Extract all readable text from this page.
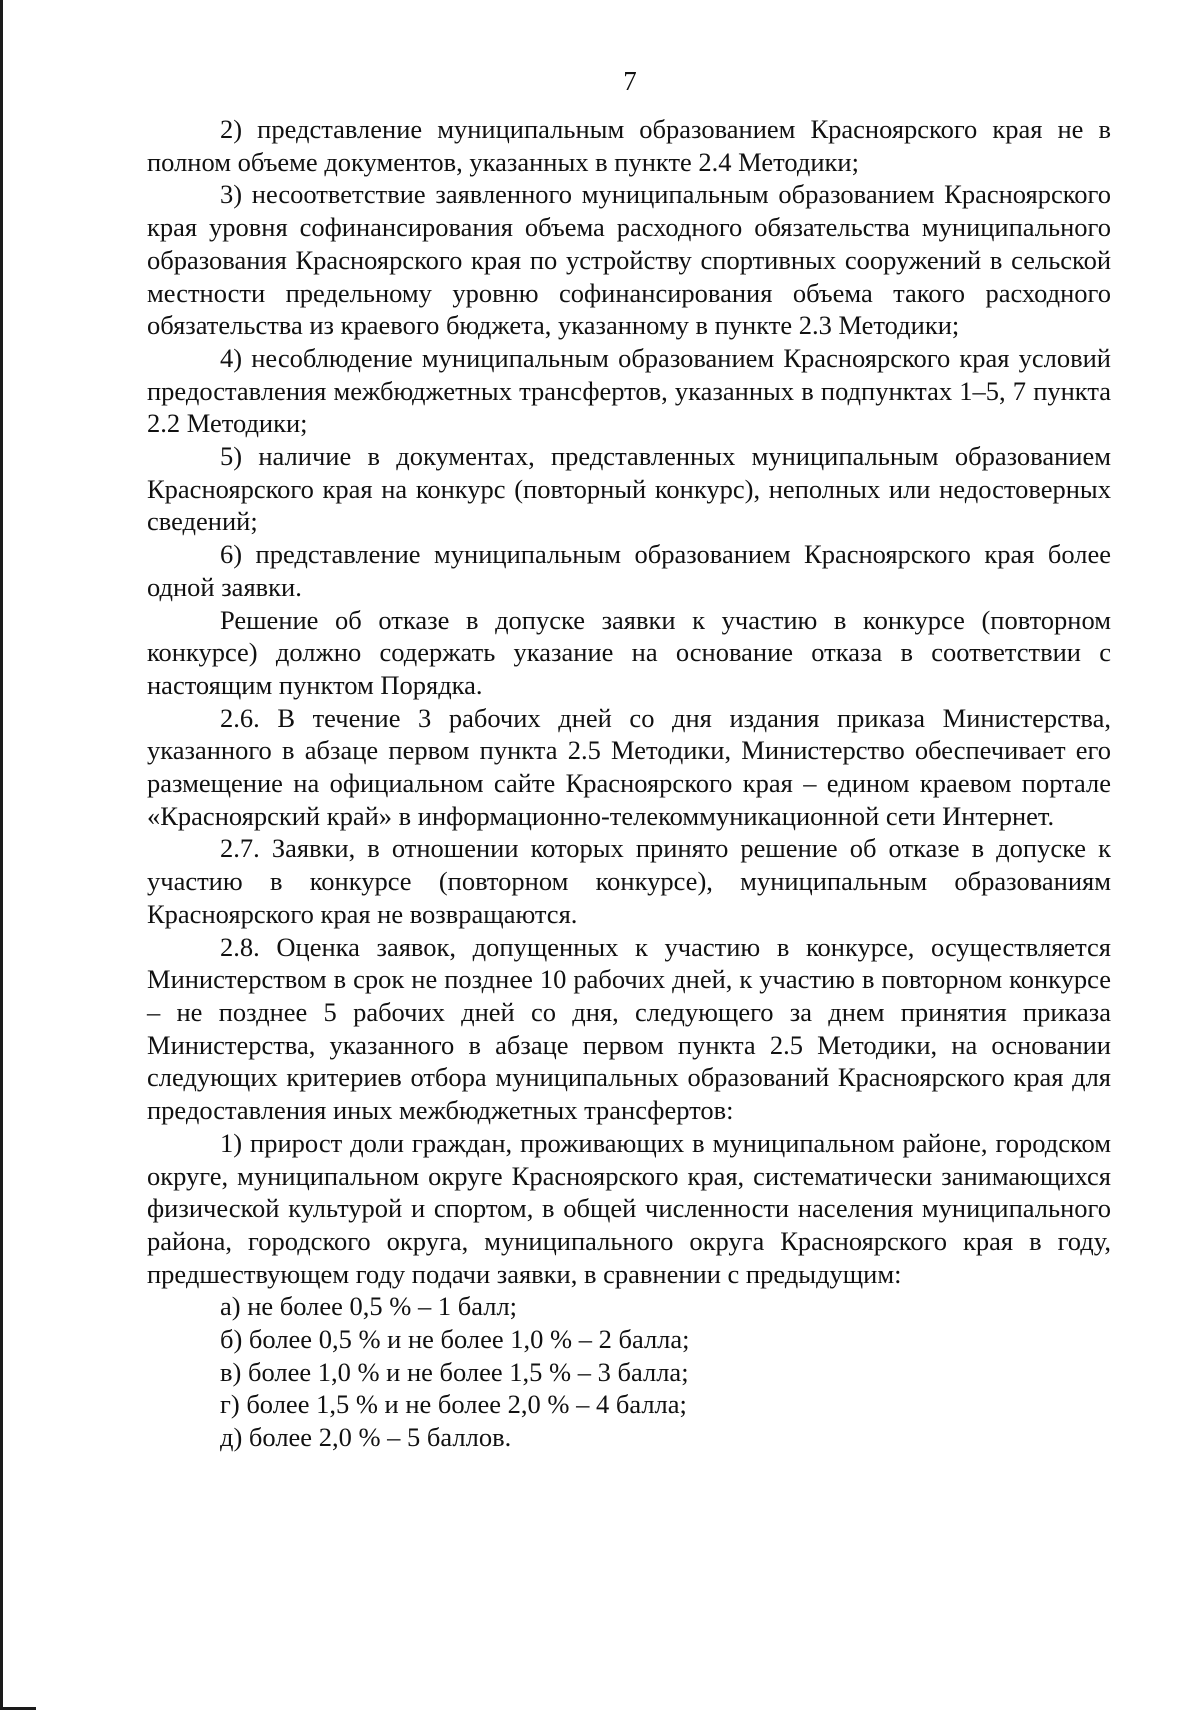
7

2) представление муниципальным образованием Красноярского края не в полном объеме документов, указанных в пункте 2.4 Методики;

3) несоответствие заявленного муниципальным образованием Красноярского края уровня софинансирования объема расходного обязательства муниципального образования Красноярского края по устройству спортивных сооружений в сельской местности предельному уровню софинансирования объема такого расходного обязательства из краевого бюджета, указанному в пункте 2.3 Методики;

4) несоблюдение муниципальным образованием Красноярского края условий предоставления межбюджетных трансфертов, указанных в подпунктах 1–5, 7 пункта 2.2 Методики;

5) наличие в документах, представленных муниципальным образованием Красноярского края на конкурс (повторный конкурс), неполных или недостоверных сведений;

6) представление муниципальным образованием Красноярского края более одной заявки.

Решение об отказе в допуске заявки к участию в конкурсе (повторном конкурсе) должно содержать указание на основание отказа в соответствии с настоящим пунктом Порядка.

2.6. В течение 3 рабочих дней со дня издания приказа Министерства, указанного в абзаце первом пункта 2.5 Методики, Министерство обеспечивает его размещение на официальном сайте Красноярского края – едином краевом портале «Красноярский край» в информационно-телекоммуникационной сети Интернет.

2.7. Заявки, в отношении которых принято решение об отказе в допуске к участию в конкурсе (повторном конкурсе), муниципальным образованиям Красноярского края не возвращаются.

2.8. Оценка заявок, допущенных к участию в конкурсе, осуществляется Министерством в срок не позднее 10 рабочих дней, к участию в повторном конкурсе – не позднее 5 рабочих дней со дня, следующего за днем принятия приказа Министерства, указанного в абзаце первом пункта 2.5 Методики, на основании следующих критериев отбора муниципальных образований Красноярского края для предоставления иных межбюджетных трансфертов:

1) прирост доли граждан, проживающих в муниципальном районе, городском округе, муниципальном округе Красноярского края, систематически занимающихся физической культурой и спортом, в общей численности населения муниципального района, городского округа, муниципального округа Красноярского края в году, предшествующем году подачи заявки, в сравнении с предыдущим:

а) не более 0,5 % – 1 балл;

б) более 0,5 % и не более 1,0 % – 2 балла;

в) более 1,0 % и не более 1,5 % – 3 балла;

г) более 1,5 % и не более 2,0 % – 4 балла;

д) более 2,0 % – 5 баллов.
